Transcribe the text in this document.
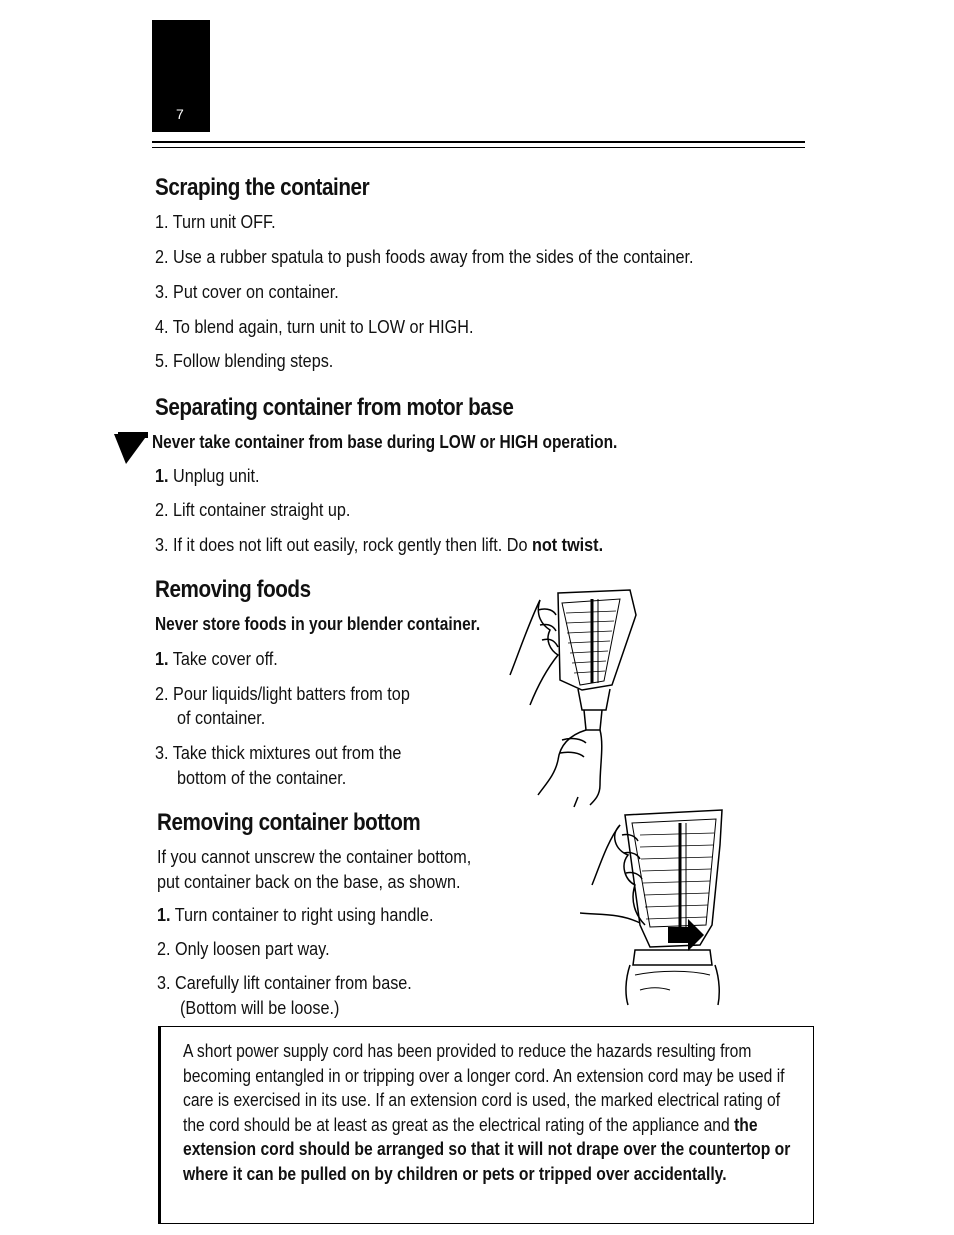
7
Scraping the container
1. Turn unit OFF.
2. Use a rubber spatula to push foods away from the sides of the container.
3. Put cover on container.
4. To blend again, turn unit to LOW or HIGH.
5. Follow blending steps.
Separating container from motor base
Never take container from base during LOW or HIGH operation.
1. Unplug unit.
2. Lift container straight up.
3. If it does not lift out easily, rock gently then lift. Do not twist.
Removing foods
Never store foods in your blender container.
1. Take cover off.
2. Pour liquids/light batters from top
of container.
3. Take thick mixtures out from the
bottom of the container.
Removing container bottom
If you cannot unscrew the container bottom,
put container back on the base, as shown.
1. Turn container to right using handle.
2. Only loosen part way.
3. Carefully lift container from base.
(Bottom will be loose.)

A short power supply cord has been provided to reduce the hazards resulting from becoming entangled in or tripping over a longer cord. An extension cord may be used if care is exercised in its use. If an extension cord is used, the marked electrical rating of the cord should be at least as great as the electrical rating of the appliance and the extension cord should be arranged so that it will not drape over the countertop or where it can be pulled on by children or pets or tripped over accidentally.
